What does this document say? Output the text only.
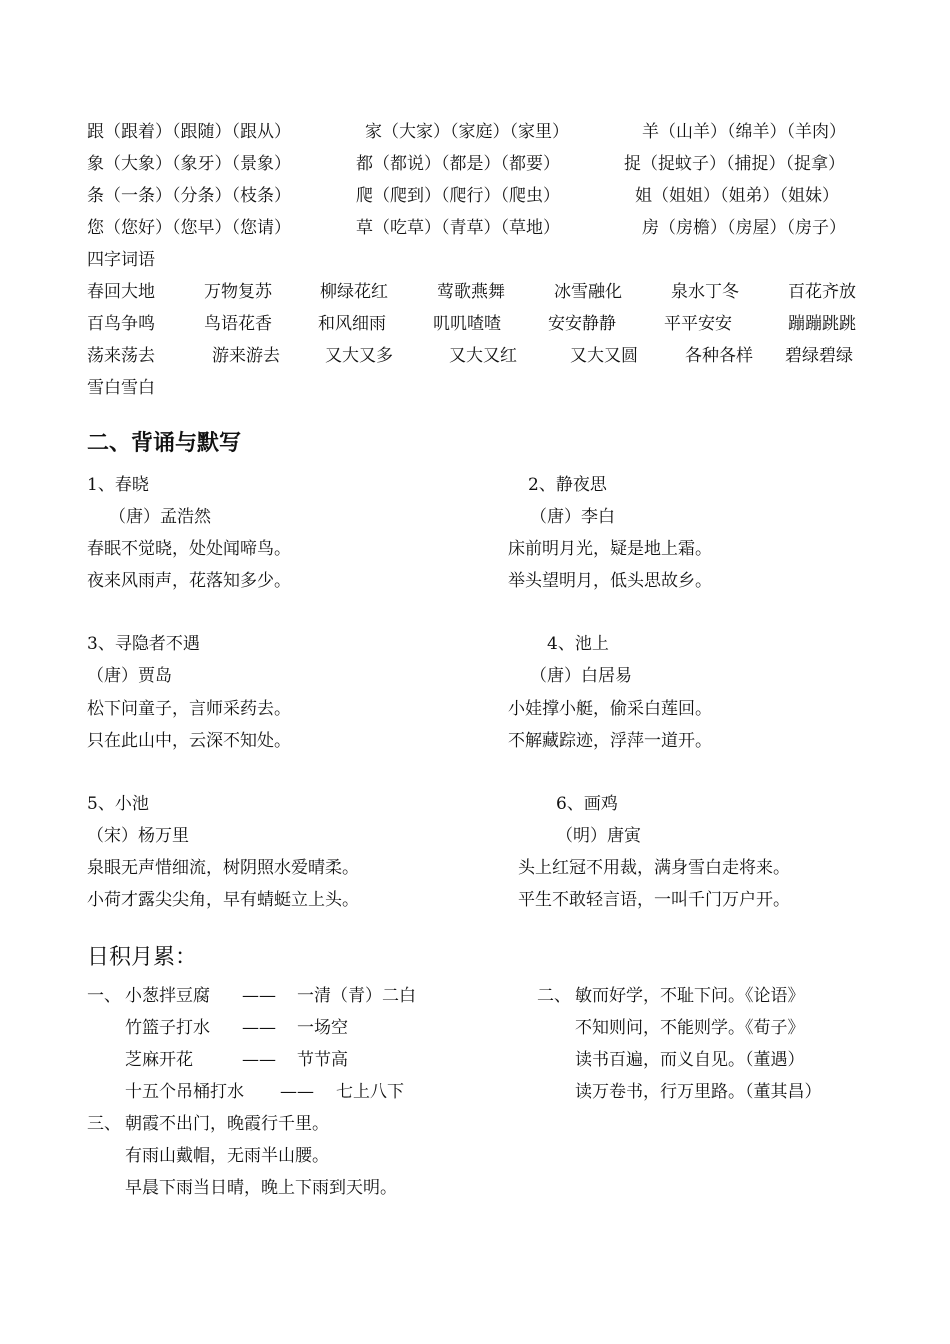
跟（跟着）（跟随）（跟从）	家（大家）（家庭）（家里）	羊（山羊）（绵羊）（羊肉）
象（大象）（象牙）（景象）	都（都说）（都是）（都要）	捉（捉蚊子）（捕捉）（捉拿）
条（一条）（分条）（枝条）	爬（爬到）（爬行）（爬虫）	姐（姐姐）（姐弟）（姐妹）
您（您好）（您早）（您请）	草（吃草）（青草）（草地）	房（房檐）（房屋）（房子）
四字词语
春回大地	万物复苏	柳绿花红	莺歌燕舞	冰雪融化	泉水丁冬	百花齐放
百鸟争鸣	鸟语花香	和风细雨	叽叽喳喳	安安静静	平平安安	蹦蹦跳跳
荡来荡去	游来游去	又大又多	又大又红	又大又圆	各种各样 碧绿碧绿
雪白雪白
二、背诵与默写
1、春晓
（唐）孟浩然
春眠不觉晓，处处闻啼鸟。
夜来风雨声，花落知多少。
2、静夜思
（唐）李白
床前明月光，疑是地上霜。
举头望明月，低头思故乡。
3、寻隐者不遇
（唐）贾岛
松下问童子，言师采药去。
只在此山中，云深不知处。
4、池上
（唐）白居易
小娃撑小艇，偷采白莲回。
不解藏踪迹，浮萍一道开。
5、小池
（宋）杨万里
泉眼无声惜细流，树阴照水爱晴柔。
小荷才露尖尖角，早有蜻蜓立上头。
6、画鸡
（明）唐寅
头上红冠不用裁，满身雪白走将来。
平生不敢轻言语，一叫千门万户开。
日积月累：
一、 小葱拌豆腐 —— 一清（青）二白
竹篮子打水 —— 一场空
芝麻开花	—— 节节高
十五个吊桶打水 —— 七上八下
二、 敏而好学，不耻下问。《论语》
不知则问，不能则学。《荀子》
读书百遍，而义自见。（董遇）
读万卷书，行万里路。（董其昌）
三、 朝霞不出门，晚霞行千里。
有雨山戴帽，无雨半山腰。
早晨下雨当日晴，晚上下雨到天明。
